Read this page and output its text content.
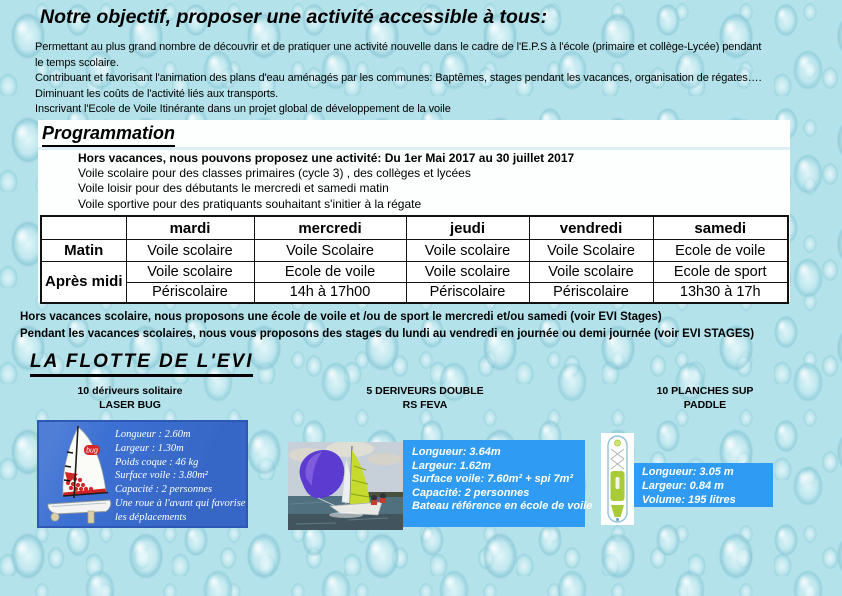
Notre objectif, proposer une activité accessible à tous:
Permettant au plus grand nombre de découvrir et de pratiquer une activité nouvelle dans le cadre de l'E.P.S à l'école (primaire et collège-Lycée) pendant
le temps scolaire.
Contribuant et favorisant l'animation des plans d'eau aménagés par les communes: Baptêmes, stages pendant les vacances, organisation de régates….
Diminuant les coûts de l'activité liés aux transports.
Inscrivant l'Ecole de Voile Itinérante dans un projet global de développement de la voile
Programmation
Hors vacances, nous pouvons proposez une activité: Du 1er Mai 2017 au 30 juillet 2017
Voile scolaire pour des classes primaires (cycle 3) , des collèges et lycées
Voile loisir pour des débutants le mercredi et samedi matin
Voile sportive pour des pratiquants souhaitant s'initier à la régate
	mardi	mercredi	jeudi	vendredi	samedi
Matin	Voile scolaire	Voile Scolaire	Voile scolaire	Voile Scolaire	Ecole de voile
Après midi	Voile scolaire	Ecole de voile	Voile scolaire	Voile scolaire	Ecole de sport
	Périscolaire	14h à 17h00	Périscolaire	Périscolaire	13h30 à 17h
Hors vacances scolaire, nous proposons une école de voile et /ou de sport le mercredi et/ou samedi (voir EVI Stages)
Pendant les vacances scolaires, nous vous proposons des stages du lundi au vendredi en journée ou demi journée (voir EVI STAGES)
LA FLOTTE DE L'EVI
10 dériveurs solitaire
LASER BUG
5 DERIVEURS DOUBLE
RS FEVA
10 PLANCHES SUP
PADDLE
bug
Longueur : 2.60m
Largeur : 1.30m
Poids coque : 46 kg
Surface voile : 3.80m²
Capacité : 2 personnes
Une roue à l'avant qui favorise les déplacements
Longueur: 3.64m
Largeur: 1.62m
Surface voile: 7.60m² + spi 7m²
Capacité: 2 personnes
Bateau référence en école de voile
Longueur: 3.05 m
Largeur: 0.84 m
Volume: 195 litres
